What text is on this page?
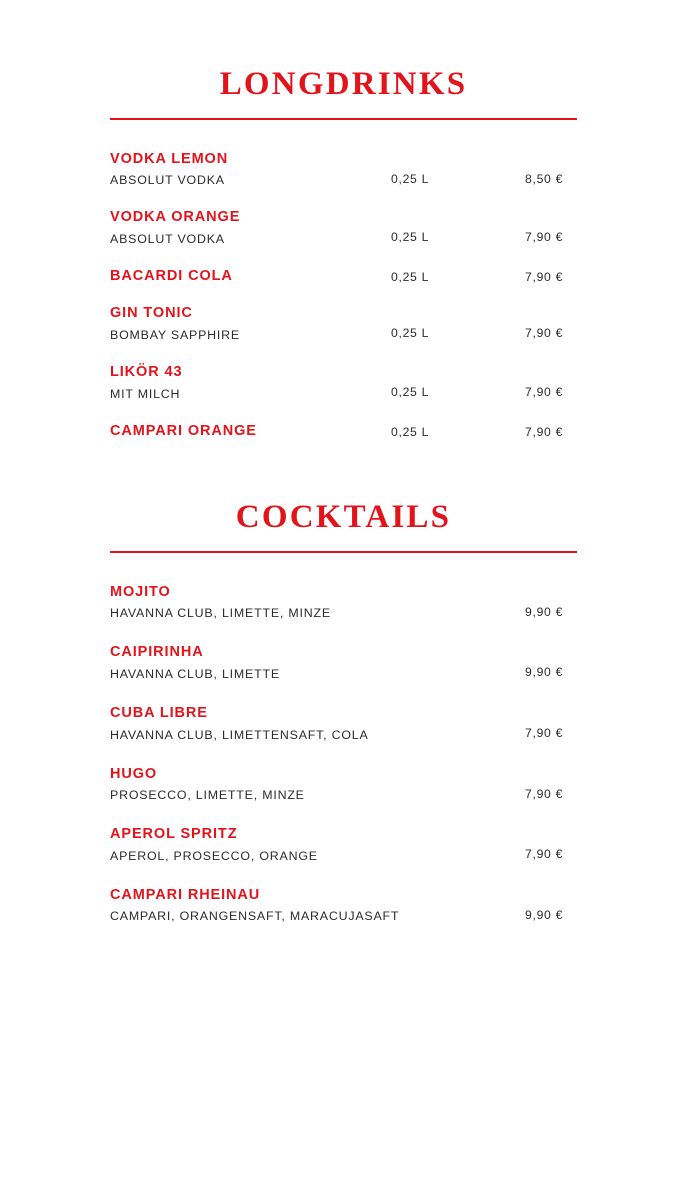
LONGDRINKS
VODKA LEMON
ABSOLUT VODKA	0,25 L	8,50 €
VODKA ORANGE
ABSOLUT VODKA	0,25 L	7,90 €
BACARDI COLA	0,25 L	7,90 €
GIN TONIC
BOMBAY SAPPHIRE	0,25 L	7,90 €
LIKÖR 43
MIT MILCH	0,25 L	7,90 €
CAMPARI ORANGE	0,25 L	7,90 €
COCKTAILS
MOJITO
HAVANNA CLUB, LIMETTE, MINZE	9,90 €
CAIPIRINHA
HAVANNA CLUB, LIMETTE	9,90 €
CUBA LIBRE
HAVANNA CLUB, LIMETTENSAFT, COLA	7,90 €
HUGO
PROSECCO, LIMETTE, MINZE	7,90 €
APEROL SPRITZ
APEROL, PROSECCO, ORANGE	7,90 €
CAMPARI RHEINAU
CAMPARI, ORANGENSAFT, MARACUJASAFT	9,90 €
